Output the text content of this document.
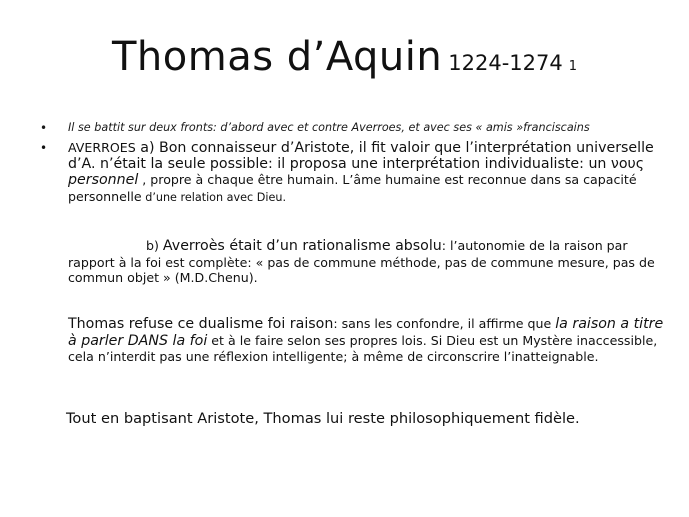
Thomas d’Aquin 1224-1274 1
• Il se battit sur deux fronts: d’abord avec et contre Averroes, et avec ses « amis »franciscains
• AVERROES a) Bon connaisseur d’Aristote, il fit valoir que l’interprétation universelle d’A. n’était la seule possible: il proposa une interprétation individualiste: un νους personnel , propre à chaque être humain. L’âme humaine est reconnue dans sa capacité personnelle d’une relation avec Dieu.
b) Averroès était d’un rationalisme absolu: l’autonomie de la raison par rapport à la foi est complète: « pas de commune méthode, pas de commune mesure, pas de commun objet » (M.D.Chenu).
Thomas refuse ce dualisme foi raison: sans les confondre, il affirme que la raison a titre à parler DANS la foi et à le faire selon ses propres lois. Si Dieu est un Mystère inaccessible, cela n’interdit pas une réflexion intelligente; à même de circonscrire l’inatteignable.
Tout en baptisant Aristote, Thomas lui reste philosophiquement fidèle.
